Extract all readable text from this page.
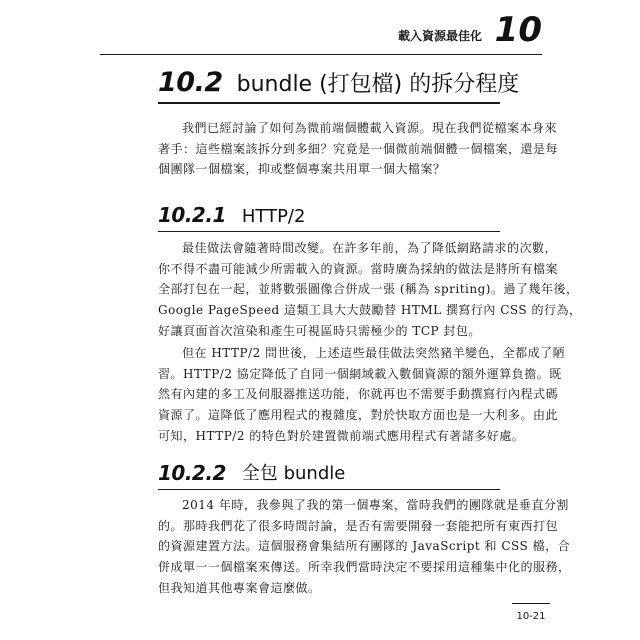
載入資源最佳化 10
10.2 bundle (打包檔) 的拆分程度
我們已經討論了如何為微前端個體載入資源。現在我們從檔案本身來
著手：這些檔案該拆分到多細？究竟是一個微前端個體一個檔案，還是每
個團隊一個檔案，抑或整個專案共用單一個大檔案？
10.2.1 HTTP/2
最佳做法會隨著時間改變。在許多年前，為了降低網路請求的次數，
你不得不盡可能減少所需載入的資源。當時廣為採納的做法是將所有檔案
全部打包在一起，並將數張圖像合併成一張 (稱為 spriting)。過了幾年後，
Google PageSpeed 這類工具大大鼓勵替 HTML 撰寫行內 CSS 的行為，
好讓頁面首次渲染和產生可視區時只需極少的 TCP 封包。
但在 HTTP/2 問世後，上述這些最佳做法突然豬羊變色，全都成了陋
習。HTTP/2 協定降低了自同一個網域載入數個資源的額外運算負擔。既
然有內建的多工及伺服器推送功能，你就再也不需要手動撰寫行內程式碼
資源了。這降低了應用程式的複雜度，對於快取方面也是一大利多。由此
可知，HTTP/2 的特色對於建置微前端式應用程式有著諸多好處。
10.2.2 全包 bundle
2014 年時，我參與了我的第一個專案，當時我們的團隊就是垂直分割
的。那時我們花了很多時間討論，是否有需要開發一套能把所有東西打包
的資源建置方法。這個服務會集結所有團隊的 JavaScript 和 CSS 檔，合
併成單一一個檔案來傳送。所幸我們當時決定不要採用這種集中化的服務，
但我知道其他專案會這麼做。
10-21
